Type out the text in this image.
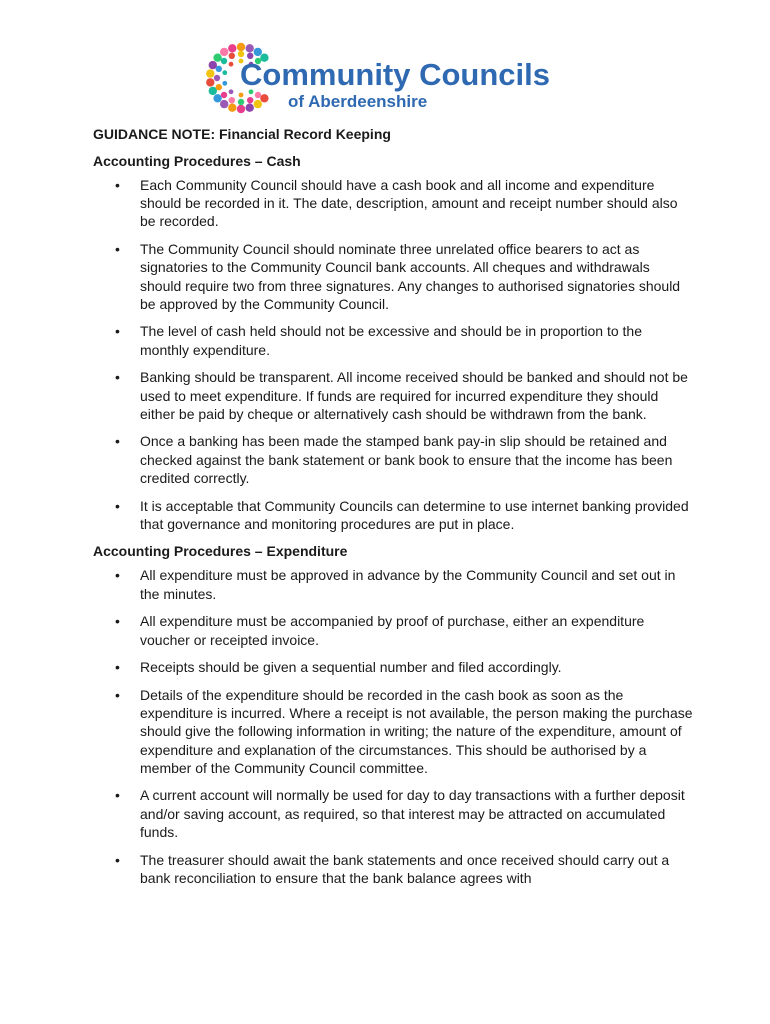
Community Councils
of Aberdeenshire
GUIDANCE NOTE: Financial Record Keeping
Accounting Procedures – Cash
• Each Community Council should have a cash book and all income and expenditure should be recorded in it. The date, description, amount and receipt number should also be recorded.
• The Community Council should nominate three unrelated office bearers to act as signatories to the Community Council bank accounts. All cheques and withdrawals should require two from three signatures. Any changes to authorised signatories should be approved by the Community Council.
• The level of cash held should not be excessive and should be in proportion to the monthly expenditure.
• Banking should be transparent. All income received should be banked and should not be used to meet expenditure. If funds are required for incurred expenditure they should either be paid by cheque or alternatively cash should be withdrawn from the bank.
• Once a banking has been made the stamped bank pay-in slip should be retained and checked against the bank statement or bank book to ensure that the income has been credited correctly.
• It is acceptable that Community Councils can determine to use internet banking provided that governance and monitoring procedures are put in place.
Accounting Procedures – Expenditure
• All expenditure must be approved in advance by the Community Council and set out in the minutes.
• All expenditure must be accompanied by proof of purchase, either an expenditure voucher or receipted invoice.
• Receipts should be given a sequential number and filed accordingly.
• Details of the expenditure should be recorded in the cash book as soon as the expenditure is incurred. Where a receipt is not available, the person making the purchase should give the following information in writing; the nature of the expenditure, amount of expenditure and explanation of the circumstances. This should be authorised by a member of the Community Council committee.
• A current account will normally be used for day to day transactions with a further deposit and/or saving account, as required, so that interest may be attracted on accumulated funds.
• The treasurer should await the bank statements and once received should carry out a bank reconciliation to ensure that the bank balance agrees with
